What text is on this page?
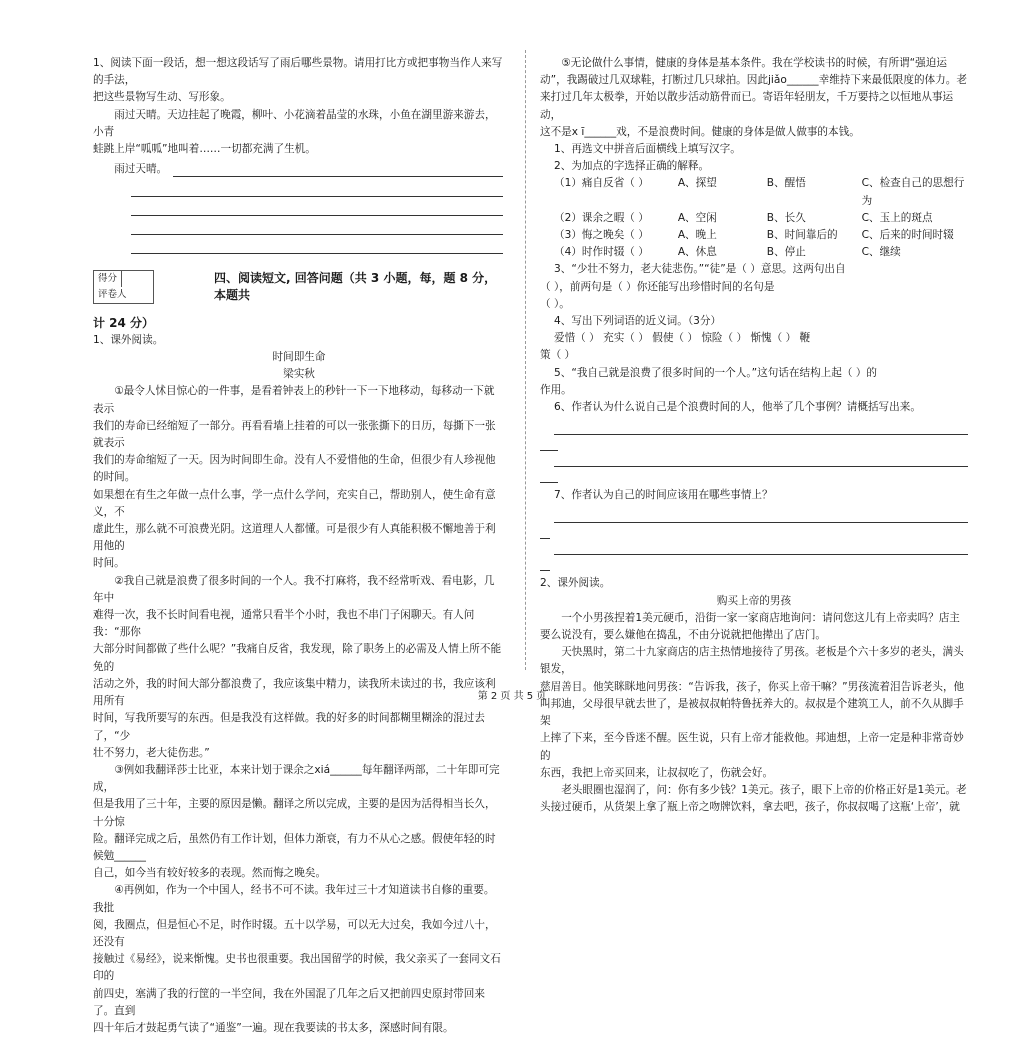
1、阅读下面一段话，想一想这段话写了雨后哪些景物。请用打比方或把事物当作人来写的手法，

把这些景物写生动、写形象。

雨过天晴。天边挂起了晚霞，柳叶、小花滴着晶莹的水珠，小鱼在湖里游来游去，小青

蛙跳上岸“呱呱”地叫着……一切都充满了生机。

雨过天晴。

得分评卷人
四、阅读短文, 回答问题（共 3 小题，每，题 8 分，本题共

计 24 分）

1、课外阅读。

时间即生命

梁实秋

①最令人怵目惊心的一件事，是看着钟表上的秒针一下一下地移动，每移动一下就表示

我们的寿命已经缩短了一部分。再看看墙上挂着的可以一张张撕下的日历，每撕下一张就表示

我们的寿命缩短了一天。因为时间即生命。没有人不爱惜他的生命，但很少有人珍视他的时间。

如果想在有生之年做一点什么事，学一点什么学问，充实自己，帮助别人，使生命有意义，不

虚此生，那么就不可浪费光阴。这道理人人都懂。可是很少有人真能积极不懈地善于利用他的

时间。

②我自己就是浪费了很多时间的一个人。我不打麻将，我不经常听戏、看电影，几年中

难得一次，我不长时间看电视，通常只看半个小时，我也不串门子闲聊天。有人问我：“那你

大部分时间都做了些什么呢？”我痛自反省，我发现，除了职务上的必需及人情上所不能免的

活动之外，我的时间大部分都浪费了，我应该集中精力，读我所未读过的书，我应该利用所有

时间，写我所要写的东西。但是我没有这样做。我的好多的时间都糊里糊涂的混过去了，“少

壮不努力，老大徒伤悲。”

③例如我翻译莎士比亚，本来计划于课余之xiá______每年翻译两部，二十年即可完成，

但是我用了三十年，主要的原因是懒。翻译之所以完成，主要的是因为活得相当长久，十分惊

险。翻译完成之后，虽然仍有工作计划，但体力渐衰，有力不从心之感。假使年轻的时候勉______

自己，如今当有较好较多的表现。然而悔之晚矣。

④再例如，作为一个中国人，经书不可不读。我年过三十才知道读书自修的重要。我批

阅，我圈点，但是恒心不足，时作时辍。五十以学易，可以无大过矣，我如今过八十，还没有

接触过《易经》，说来惭愧。史书也很重要。我出国留学的时候，我父亲买了一套同文石印的

前四史，塞满了我的行筐的一半空间，我在外国混了几年之后又把前四史原封带回来了。直到

四十年后才鼓起勇气读了“通鉴”一遍。现在我要读的书太多，深感时间有限。

⑤无论做什么事情，健康的身体是基本条件。我在学校读书的时候，有所谓“强迫运

动”，我踢破过几双球鞋，打断过几只球拍。因此jiǎo______幸维持下来最低限度的体力。老

来打过几年太极拳，开始以散步活动筋骨而已。寄语年轻朋友，千万要持之以恒地从事运动，

这不是x ī______戏，不是浪费时间。健康的身体是做人做事的本钱。

1、再选文中拼音后面横线上填写汉字。

2、为加点的字选择正确的解释。

（1）痛自反省（ ）	A、探望	B、醒悟	C、检查自己的思想行为
（2）课余之暇（ ）	A、空闲	B、长久	C、玉上的斑点
（3）悔之晚矣（ ）	A、晚上	B、时间靠后的	C、后来的时间时辍
（4）时作时辍（ ）	A、休息	B、停止	C、继续

3、“少壮不努力，老大徒悲伤。”“徒”是（ ）意思。这两句出自

（ ），前两句是（ ）你还能写出珍惜时间的名句是

（ ）。

4、写出下列词语的近义词。（3分）

爱惜（ ） 充实（ ） 假使（ ） 惊险（ ） 惭愧（ ） 鞭

策（ ）

5、“我自己就是浪费了很多时间的一个人。”这句话在结构上起（ ）的

作用。

6、作者认为什么说自己是个浪费时间的人，他举了几个事例？请概括写出来。

7、作者认为自己的时间应该用在哪些事情上？

2、课外阅读。

购买上帝的男孩

一个小男孩捏着1美元硬币，沿街一家一家商店地询问：请问您这儿有上帝卖吗？店主

要么说没有，要么嫌他在捣乱，不由分说就把他撵出了店门。

天快黑时，第二十九家商店的店主热情地接待了男孩。老板是个六十多岁的老头，满头银发，

慈眉善目。他笑眯眯地问男孩：“告诉我，孩子，你买上帝干嘛？”男孩流着泪告诉老头，他

叫邦迪，父母很早就去世了，是被叔叔帕特鲁抚养大的。叔叔是个建筑工人，前不久从脚手架

上摔了下来，至今昏迷不醒。医生说，只有上帝才能救他。邦迪想，上帝一定是种非常奇妙的

东西，我把上帝买回来，让叔叔吃了，伤就会好。

老头眼圈也湿润了，问：你有多少钱？1美元。孩子，眼下上帝的价格正好是1美元。老

头接过硬币，从货架上拿了瓶上帝之吻牌饮料，拿去吧，孩子，你叔叔喝了这瓶‘上帝’，就

第 2 页 共 5 页
